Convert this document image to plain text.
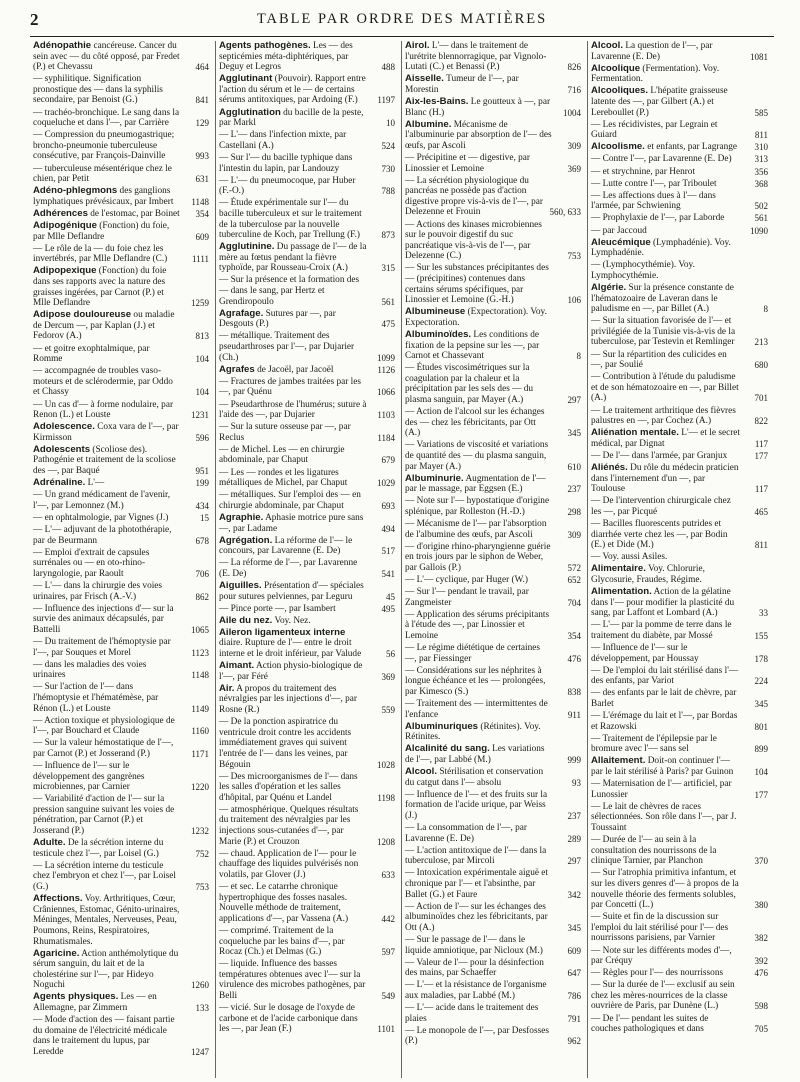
2	TABLE PAR ORDRE DES MATIÈRES
Adénopathie cancéreuse. Cancer du sein avec — du côté opposé, par Fredet (P.) et Chevassu	464
— syphilitique. Signification pronostique des — dans la syphilis secondaire, par Benoist (G.)	841
— trachéo-bronchique. Le sang dans la coqueluche et dans l'—, par Carrière	129
— Compression du pneumogastrique; broncho-pneumonie tuberculeuse consécutive, par François-Dainville	993
— tuberculeuse mésentérique chez le chien, par Petit	631
Adéno-phlegmons des ganglions lymphatiques prévésicaux, par Imbert	1148
Adhérences de l'estomac, par Boinet	354
Adipogénique (Fonction) du foie, par Mlle Deflandre	609
— Le rôle de la — du foie chez les invertébrés, par Mlle Deflandre (C.)	1111
Adipopexique (Fonction) du foie dans ses rapports avec la nature des graisses ingérées, par Carnot (P.) et Mlle Deflandre	1259
Adipose douloureuse ou maladie de Dercum —, par Kaplan (J.) et Fedorov (A.)	813
— et goitre exophtalmique, par Romme	104
— accompagnée de troubles vaso-moteurs et de sclérodermie, par Oddo et Chassy	104
— Un cas d'— à forme nodulaire, par Renon (L.) et Louste	1231
Adolescence. Coxa vara de l'—, par Kirmisson	596
Adolescents (Scoliose des). Pathogénie et traitement de la scoliose des —, par Baqué	951
Adrénaline. L'—	199
— Un grand médicament de l'avenir, l'—, par Lemonnez (M.)	434
— en ophtalmologie, par Vignes (J.)	15
— L'— adjuvant de la photothérapie, par de Beurmann	678
— Emploi d'extrait de capsules surrénales ou — en oto-rhino-laryngologie, par Raoult	706
— L'— dans la chirurgie des voies urinaires, par Frisch (A.-V.)	862
— Influence des injections d'— sur la survie des animaux décapsulés, par Battelli	1065
— Du traitement de l'hémoptysie par l'—, par Souques et Morel	1123
— dans les maladies des voies urinaires	1148
— Sur l'action de l'— dans l'hémoptysie et l'hématémèse, par Rénon (L.) et Louste	1149
— Action toxique et physiologique de l'—, par Bouchard et Claude	1160
— Sur la valeur hémostatique de l'—, par Carnot (P.) et Josserand (P.)	1171
— Influence de l'— sur le développement des gangrènes microbiennes, par Carnier	1220
— Variabilité d'action de l'— sur la pression sanguine suivant les voies de pénétration, par Carnot (P.) et Josserand (P.)	1232
Adulte. De la sécrétion interne du testicule chez l'—, par Loisel (G.)	752
— La sécrétion interne du testicule chez l'embryon et chez l'—, par Loisel (G.)	753
Affections. Voy. Arthritiques, Cœur, Crâniennes, Estomac, Génito-urinaires, Méninges, Mentales, Nerveuses, Peau, Poumons, Reins, Respiratoires, Rhumatismales.
Agaricine. Action anthémolytique du sérum sanguin, du lait et de la cholestérine sur l'—, par Hideyo Noguchi	1260
Agents physiques. Les — en Allemagne, par Zimmern	133
— Mode d'action des — faisant partie du domaine de l'électricité médicale dans le traitement du lupus, par Leredde	1247
Agents pathogènes. Les — des septicémies méta-diphtériques, par Deguy et Legros	488
Agglutinant (Pouvoir). Rapport entre l'action du sérum et le — de certains sérums antitoxiques, par Ardoing (F.)	1197
Agglutination du bacille de la peste, par Markl	10
— L'— dans l'infection mixte, par Castellani (A.)	524
— Sur l'— du bacille typhique dans l'intestin du lapin, par Landouzy	730
— L'— du pneumocoque, par Huber (F.-O.)	788
— Étude expérimentale sur l'— du bacille tuberculeux et sur le traitement de la tuberculose par la nouvelle tuberculine de Koch, par Trellung (F.)	873
Agglutinine. Du passage de l'— de la mère au fœtus pendant la fièvre typhoïde, par Rousseau-Croix (A.)	315
— Sur la présence et la formation des — dans le sang, par Hertz et Grendiropoulo	561
Agrafage. Sutures par —, par Desgouts (P.)	475
— métallique. Traitement des pseudarthroses par l'—, par Dujarier (Ch.)	1099
Agrafes de Jacoël, par Jacoël	1126
— Fractures de jambes traitées par les —, par Quénu	1066
— Pseudarthrose de l'humérus; suture à l'aide des —, par Dujarier	1103
— Sur la suture osseuse par —, par Reclus	1184
— de Michel. Les — en chirurgie abdominale, par Chaput	679
— Les — rondes et les ligatures métalliques de Michel, par Chaput	1029
— métalliques. Sur l'emploi des — en chirurgie abdominale, par Chaput	693
Agraphie. Aphasie motrice pure sans —, par Ladame	494
Agrégation. La réforme de l'— le concours, par Lavarenne (E. De)	517
— La réforme de l'—, par Lavarenne (E. De)	541
Aiguilles. Présentation d'— spéciales pour sutures pelviennes, par Leguru	45
— Pince porte —, par Isambert	495
Aile du nez. Voy. Nez.
Aileron ligamenteux interne diaire. Rupture de l'— entre le droit interne et le droit inférieur, par Valude	56
Aimant. Action physio-biologique de l'—, par Féré	369
Air. A propos du traitement des névralgies par les injections d'—, par Rosne (R.)	559
— De la ponction aspiratrice du ventricule droit contre les accidents immédiatement graves qui suivent l'entrée de l'— dans les veines, par Bégouin	1028
— Des microorganismes de l'— dans les salles d'opération et les salles d'hôpital, par Quénu et Landel	1198
— atmosphérique. Quelques résultats du traitement des névralgies par les injections sous-cutanées d'—, par Marie (P.) et Crouzon	1208
— chaud. Application de l'— pour le chauffage des liquides pulvérisés non volatils, par Glover (J.)	633
— et sec. Le catarrhe chronique hypertrophique des fosses nasales. Nouvelle méthode de traitement, applications d'—, par Vassena (A.)	442
— comprimé. Traitement de la coqueluche par les bains d'—, par Rocaz (Ch.) et Delmas (G.)	597
— liquide. Influence des basses températures obtenues avec l'— sur la virulence des microbes pathogènes, par Belli	549
— vicié. Sur le dosage de l'oxyde de carbone et de l'acide carbonique dans les —, par Jean (F.)	1101
Airol. L'— dans le traitement de l'urétrite blennorragique, par Vignolo-Lutati (C.) et Benassi (P.)	826
Aisselle. Tumeur de l'—, par Morestin	716
Aix-les-Bains. Le goutteux à —, par Blanc (H.)	1004
Albumine. Mécanisme de l'albuminurie par absorption de l'— des œufs, par Ascoli	309
— Précipitine et — digestive, par Linossier et Lemoine	369
— La sécrétion physiologique du pancréas ne possède pas d'action digestive propre vis-à-vis de l'—, par Delezenne et Frouin	560, 633
— Actions des kinases microbiennes sur le pouvoir digestif du suc pancréatique vis-à-vis de l'—, par Delezenne (C.)	753
— Sur les substances précipitantes des — (précipitines) contenues dans certains sérums spécifiques, par Linossier et Lemoine (G.-H.)	106
Albumineuse (Expectoration). Voy. Expectoration.
Albuminoïdes. Les conditions de fixation de la pepsine sur les —, par Carnot et Chassevant	8
— Études viscosimétriques sur la coagulation par la chaleur et la précipitation par les sels des — du plasma sanguin, par Mayer (A.)	297
— Action de l'alcool sur les échanges des — chez les fébricitants, par Ott (A.)	345
— Variations de viscosité et variations de quantité des — du plasma sanguin, par Mayer (A.)	610
Albuminurie. Augmentation de l'— par le massage, par Eggsen (E.)	237
— Note sur l'— hypostatique d'origine splénique, par Rolleston (H.-D.)	298
— Mécanisme de l'— par l'absorption de l'albumine des œufs, par Ascoli	309
— d'origine rhino-pharyngienne guérie en trois jours par le siphon de Weber, par Gallois (P.)	572
— L'— cyclique, par Huger (W.)	652
— Sur l'— pendant le travail, par Zangmeister	704
— Application des sérums précipitants à l'étude des —, par Linossier et Lemoine	354
— Le régime diététique de certaines —, par Fiessinger	476
— Considérations sur les néphrites à longue échéance et les — prolongées, par Kimesco (S.)	838
— Traitement des — intermittentes de l'enfance	911
Albuminuriques (Rétinites). Voy. Rétinites.
Alcalinité du sang. Les variations de l'—, par Labbé (M.)	999
Alcool. Stérilisation et conservation du catgut dans l'— absolu	93
— Influence de l'— et des fruits sur la formation de l'acide urique, par Weiss (J.)	237
— La consommation de l'—, par Lavarenne (E. De)	289
— L'action antitoxique de l'— dans la tuberculose, par Mircoli	297
— Intoxication expérimentale aiguë et chronique par l'— et l'absinthe, par Ballet (G.) et Faure	342
— Action de l'— sur les échanges des albuminoïdes chez les fébricitants, par Ott (A.)	345
— Sur le passage de l'— dans le liquide amniotique, par Nicloux (M.)	609
— Valeur de l'— pour la désinfection des mains, par Schaeffer	647
— L'— et la résistance de l'organisme aux maladies, par Labbé (M.)	786
— L'— acide dans le traitement des plaies	791
— Le monopole de l'—, par Desfosses (P.)	962
Alcool. La question de l'—, par Lavarenne (E. De)	1081
Alcoolique (Fermentation). Voy. Fermentation.
Alcooliques. L'hépatite graisseuse latente des —, par Gilbert (A.) et Lereboullet (P.)	585
— Les récidivistes, par Legrain et Guiard	811
Alcoolisme. et enfants, par Lagrange	310
— Contre l'—, par Lavarenne (E. De)	313
— et strychnine, par Henrot	356
— Lutte contre l'—, par Triboulet	368
— Les affections dues à l'— dans l'armée, par Schwiening	502
— Prophylaxie de l'—, par Laborde	561
— par Jaccoud	1090
Aleucémique (Lymphadénie). Voy. Lymphadénie.
— (Lymphocythémie). Voy. Lymphocythémie.
Algérie. Sur la présence constante de l'hématozoaire de Laveran dans le paludisme en —, par Billet (A.)	8
— Sur la situation favorisée de l'— et privilégiée de la Tunisie vis-à-vis de la tuberculose, par Testevin et Remlinger	213
— Sur la répartition des culicides en —, par Soulié	680
— Contribution à l'étude du paludisme et de son hématozoaire en —, par Billet (A.)	701
— Le traitement arthritique des fièvres palustres en —, par Cochez (A.)	822
Aliénation mentale. L'— et le secret médical, par Dignat	117
— De l'— dans l'armée, par Granjux	177
Aliénés. Du rôle du médecin praticien dans l'internement d'un —, par Toulouse	117
— De l'intervention chirurgicale chez les —, par Picqué	465
— Bacilles fluorescents putrides et diarrhée verte chez les —, par Bodin (E.) et Dide (M.)	811
— Voy. aussi Asiles.
Alimentaire. Voy. Chlorurie, Glycosurie, Fraudes, Régime.
Alimentation. Action de la gélatine dans l'— pour modifier la plasticité du sang, par Laffont et Lombard (A.)	33
— L'— par la pomme de terre dans le traitement du diabète, par Mossé	155
— Influence de l'— sur le développement, par Houssay	178
— De l'emploi du lait stérilisé dans l'— des enfants, par Variot	224
— des enfants par le lait de chèvre, par Barlet	345
— L'érémage du lait et l'—, par Bordas et Razowski	801
— Traitement de l'épilepsie par le bromure avec l'— sans sel	899
Allaitement. Doit-on continuer l'— par le lait stérilisé à Paris? par Guinon	104
— Maternisation de l'— artificiel, par Lunossier	177
— Le lait de chèvres de races sélectionnées. Son rôle dans l'—, par J. Toussaint
— Durée de l'— au sein à la consultation des nourrissons de la clinique Tarnier, par Planchon	370
— Sur l'atrophia primitiva infantum, et sur les divers genres d'— à propos de la nouvelle théorie des ferments solubles, par Concetti (L.)	380
— Suite et fin de la discussion sur l'emploi du lait stérilisé pour l'— des nourrissons parisiens, par Varnier	382
— Note sur les différents modes d'—, par Créquy	392
— Règles pour l'— des nourrissons	476
— Sur la durée de l'— exclusif au sein chez les mères-nourrices de la classe ouvrière de Paris, par Dunène (L.)	598
— De l'— pendant les suites de couches pathologiques et dans	705
